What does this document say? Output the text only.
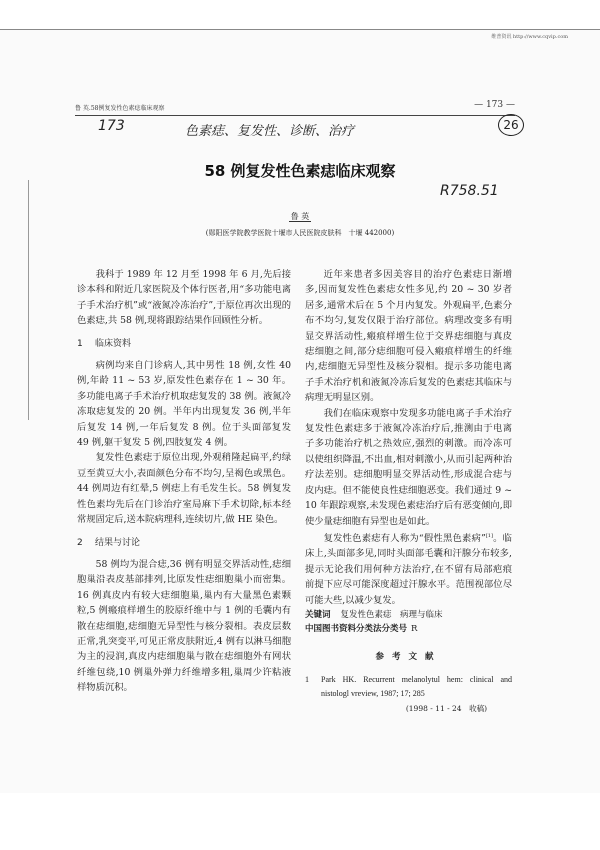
维普资讯 http://www.cqvip.com
鲁 英.58例复发性色素痣临床观察	— 173 —
173	色素痣、复发性、诊断、治疗	26
R758.51
58 例复发性色素痣临床观察
鲁 英
(郧阳医学院教学医院十堰市人民医院皮肤科　十堰 442000)

我科于 1989 年 12 月至 1998 年 6 月,先后接诊本科和附近几家医院及个体行医者,用“多功能电离子手术治疗机”或“液氮冷冻治疗”,于原位再次出现的色素痣,共 58 例,现将跟踪结果作回顾性分析。

1 临床资料

病例均来自门诊病人,其中男性 18 例,女性 40 例,年龄 11 ~ 53 岁,原发性色素存在 1 ~ 30 年。多功能电离子手术治疗机取痣复发的 38 例。液氮冷冻取痣复发的 20 例。半年内出现复发 36 例,半年后复发 14 例,一年后复发 8 例。位于头面部复发 49 例,躯干复发 5 例,四肢复发 4 例。

复发性色素痣于原位出现,外观稍隆起扁平,约绿豆至黄豆大小,表面颜色分布不均匀,呈褐色或黑色。44 例周边有红晕,5 例痣上有毛发生长。58 例复发性色素均先后在门诊治疗室局麻下手术切除,标本经常规固定后,送本院病理科,连续切片,做 HE 染色。

2 结果与讨论

58 例均为混合痣,36 例有明显交界活动性,痣细胞巢沿表皮基部排列,比原发性痣细胞巢小而密集。16 例真皮内有较大痣细胞巢,巢内有大量黑色素颗粒,5 例瘢痕样增生的胶原纤维中与 1 例的毛囊内有散在痣细胞,痣细胞无异型性与核分裂相。表皮层数正常,乳突变平,可见正常皮肤附近,4 例有以淋马细胞为主的浸润,真皮内痣细胞巢与散在痣细胞外有网状纤维包绕,10 例巢外弹力纤维增多粗,巢周少许粘液样物质沉积。

近年来患者多因美容目的治疗色素痣日渐增多,因而复发性色素痣女性多见,约 20 ~ 30 岁者居多,通常术后在 5 个月内复发。外观扁平,色素分布不均匀,复发仅限于治疗部位。病理改变多有明显交界活动性,瘢痕样增生位于交界痣细胞与真皮痣细胞之间,部分痣细胞可侵入瘢痕样增生的纤维内,痣细胞无异型性及核分裂相。提示多功能电离子手术治疗机和液氮冷冻后复发的色素痣其临床与病理无明显区别。

我们在临床观察中发现多功能电离子手术治疗复发性色素痣多于液氮冷冻治疗后,推测由于电离子多功能治疗机之热效应,强烈的刺激。而冷冻可以使组织降温,不出血,相对刺激小,从而引起两种治疗法差别。痣细胞明显交界活动性,形成混合痣与皮内痣。但不能使良性痣细胞恶变。我们通过 9 ~ 10 年跟踪观察,未发现色素痣治疗后有恶变倾向,即使少量痣细胞有异型也是如此。

复发性色素痣有人称为“假性黑色素病”[1]。临床上,头面部多见,同时头面部毛囊和汗腺分布较多,提示无论我们用何种方法治疗,在不留有局部疤痕前提下应尽可能深度超过汗腺水平。范围视部位尽可能大些,以减少复发。

关键词 复发性色素痣　病理与临床
中国图书资料分类法分类号 R
参考文献
1 Park HK. Recurrent melanolytul hem: clinical and nistologl vreview, 1987; 17; 285
(1998 - 11 - 24　收稿)
